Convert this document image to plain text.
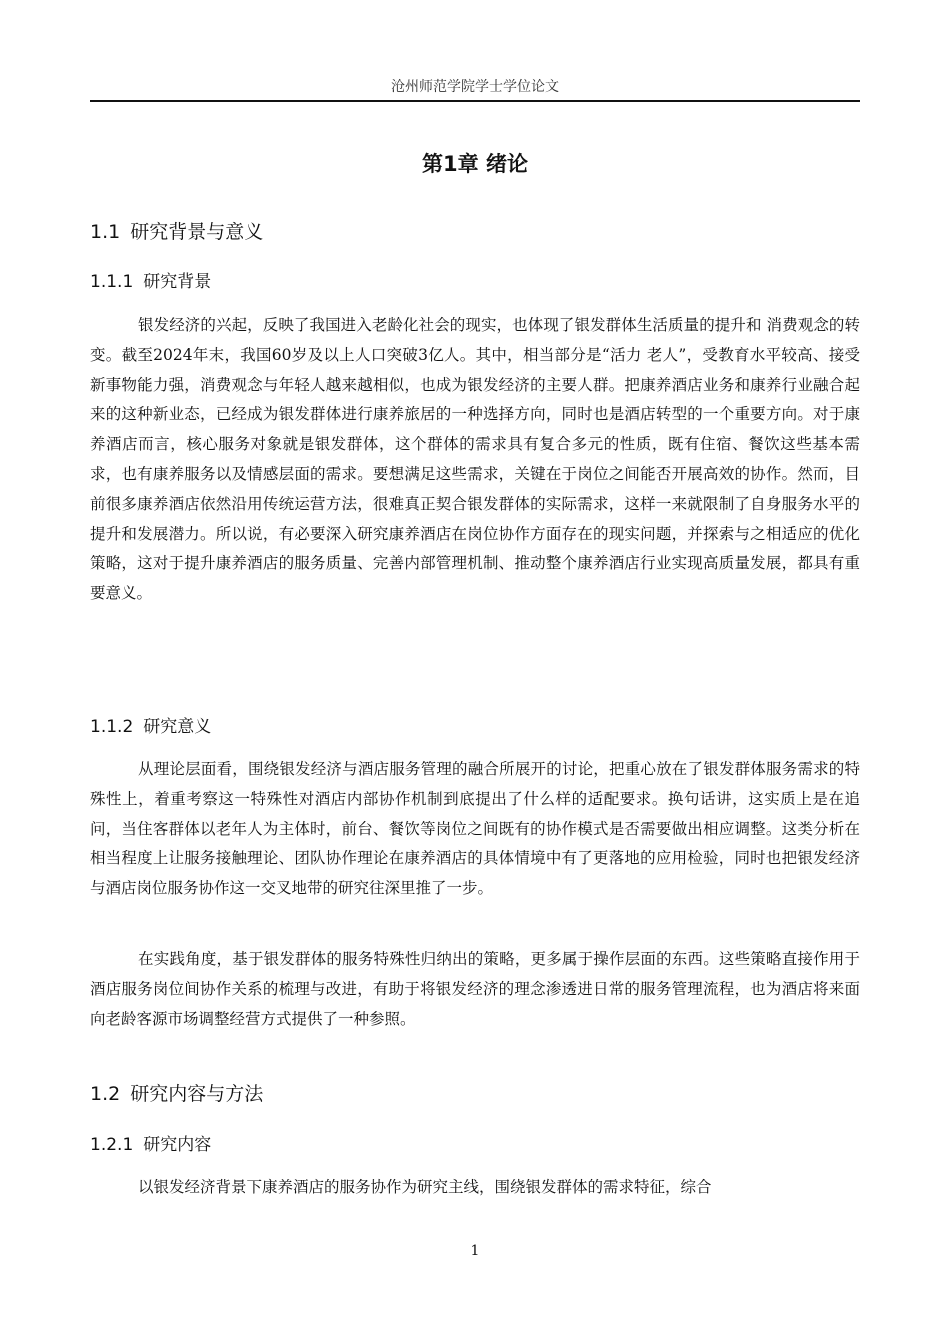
沧州师范学院学士学位论文
第1章 绪论
1.1 研究背景与意义
1.1.1 研究背景

银发经济的兴起，反映了我国进入老龄化社会的现实，也体现了银发群体生活质量的提升和 消费观念的转变。截至2024年末，我国60岁及以上人口突破3亿人。其中，相当部分是“活力 老人”，受教育水平较高、接受新事物能力强，消费观念与年轻人越来越相似，也成为银发经济的主要人群。把康养酒店业务和康养行业融合起来的这种新业态，已经成为银发群体进行康养旅居的一种选择方向，同时也是酒店转型的一个重要方向。对于康养酒店而言，核心服务对象就是银发群体，这个群体的需求具有复合多元的性质，既有住宿、餐饮这些基本需求，也有康养服务以及情感层面的需求。要想满足这些需求，关键在于岗位之间能否开展高效的协作。然而，目前很多康养酒店依然沿用传统运营方法，很难真正契合银发群体的实际需求，这样一来就限制了自身服务水平的提升和发展潜力。所以说，有必要深入研究康养酒店在岗位协作方面存在的现实问题，并探索与之相适应的优化策略，这对于提升康养酒店的服务质量、完善内部管理机制、推动整个康养酒店行业实现高质量发展，都具有重要意义。

1.1.2 研究意义

从理论层面看，围绕银发经济与酒店服务管理的融合所展开的讨论，把重心放在了银发群体服务需求的特殊性上，着重考察这一特殊性对酒店内部协作机制到底提出了什么样的适配要求。换句话讲，这实质上是在追问，当住客群体以老年人为主体时，前台、餐饮等岗位之间既有的协作模式是否需要做出相应调整。这类分析在相当程度上让服务接触理论、团队协作理论在康养酒店的具体情境中有了更落地的应用检验，同时也把银发经济与酒店岗位服务协作这一交叉地带的研究往深里推了一步。

在实践角度，基于银发群体的服务特殊性归纳出的策略，更多属于操作层面的东西。这些策略直接作用于酒店服务岗位间协作关系的梳理与改进，有助于将银发经济的理念渗透进日常的服务管理流程，也为酒店将来面向老龄客源市场调整经营方式提供了一种参照。

1.2 研究内容与方法
1.2.1 研究内容

以银发经济背景下康养酒店的服务协作为研究主线，围绕银发群体的需求特征，综合

1
